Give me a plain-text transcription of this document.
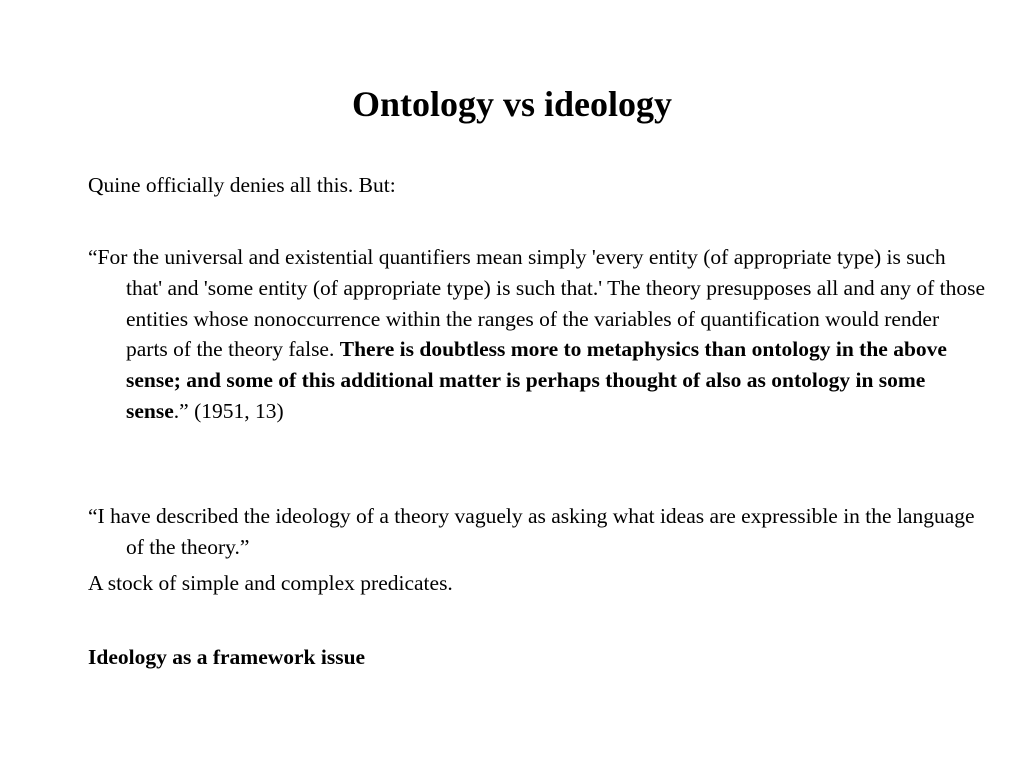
Ontology vs ideology

Quine officially denies all this. But:

“For the universal and existential quantifiers mean simply 'every entity (of appropriate type) is such that' and 'some entity (of appropriate type) is such that.' The theory presupposes all and any of those entities whose nonoccurrence within the ranges of the variables of quantification would render parts of the theory false. There is doubtless more to metaphysics than ontology in the above sense; and some of this additional matter is perhaps thought of also as ontology in some sense.” (1951, 13)

“I have described the ideology of a theory vaguely as asking what ideas are expressible in the language of the theory.”

A stock of simple and complex predicates.

Ideology as a framework issue
